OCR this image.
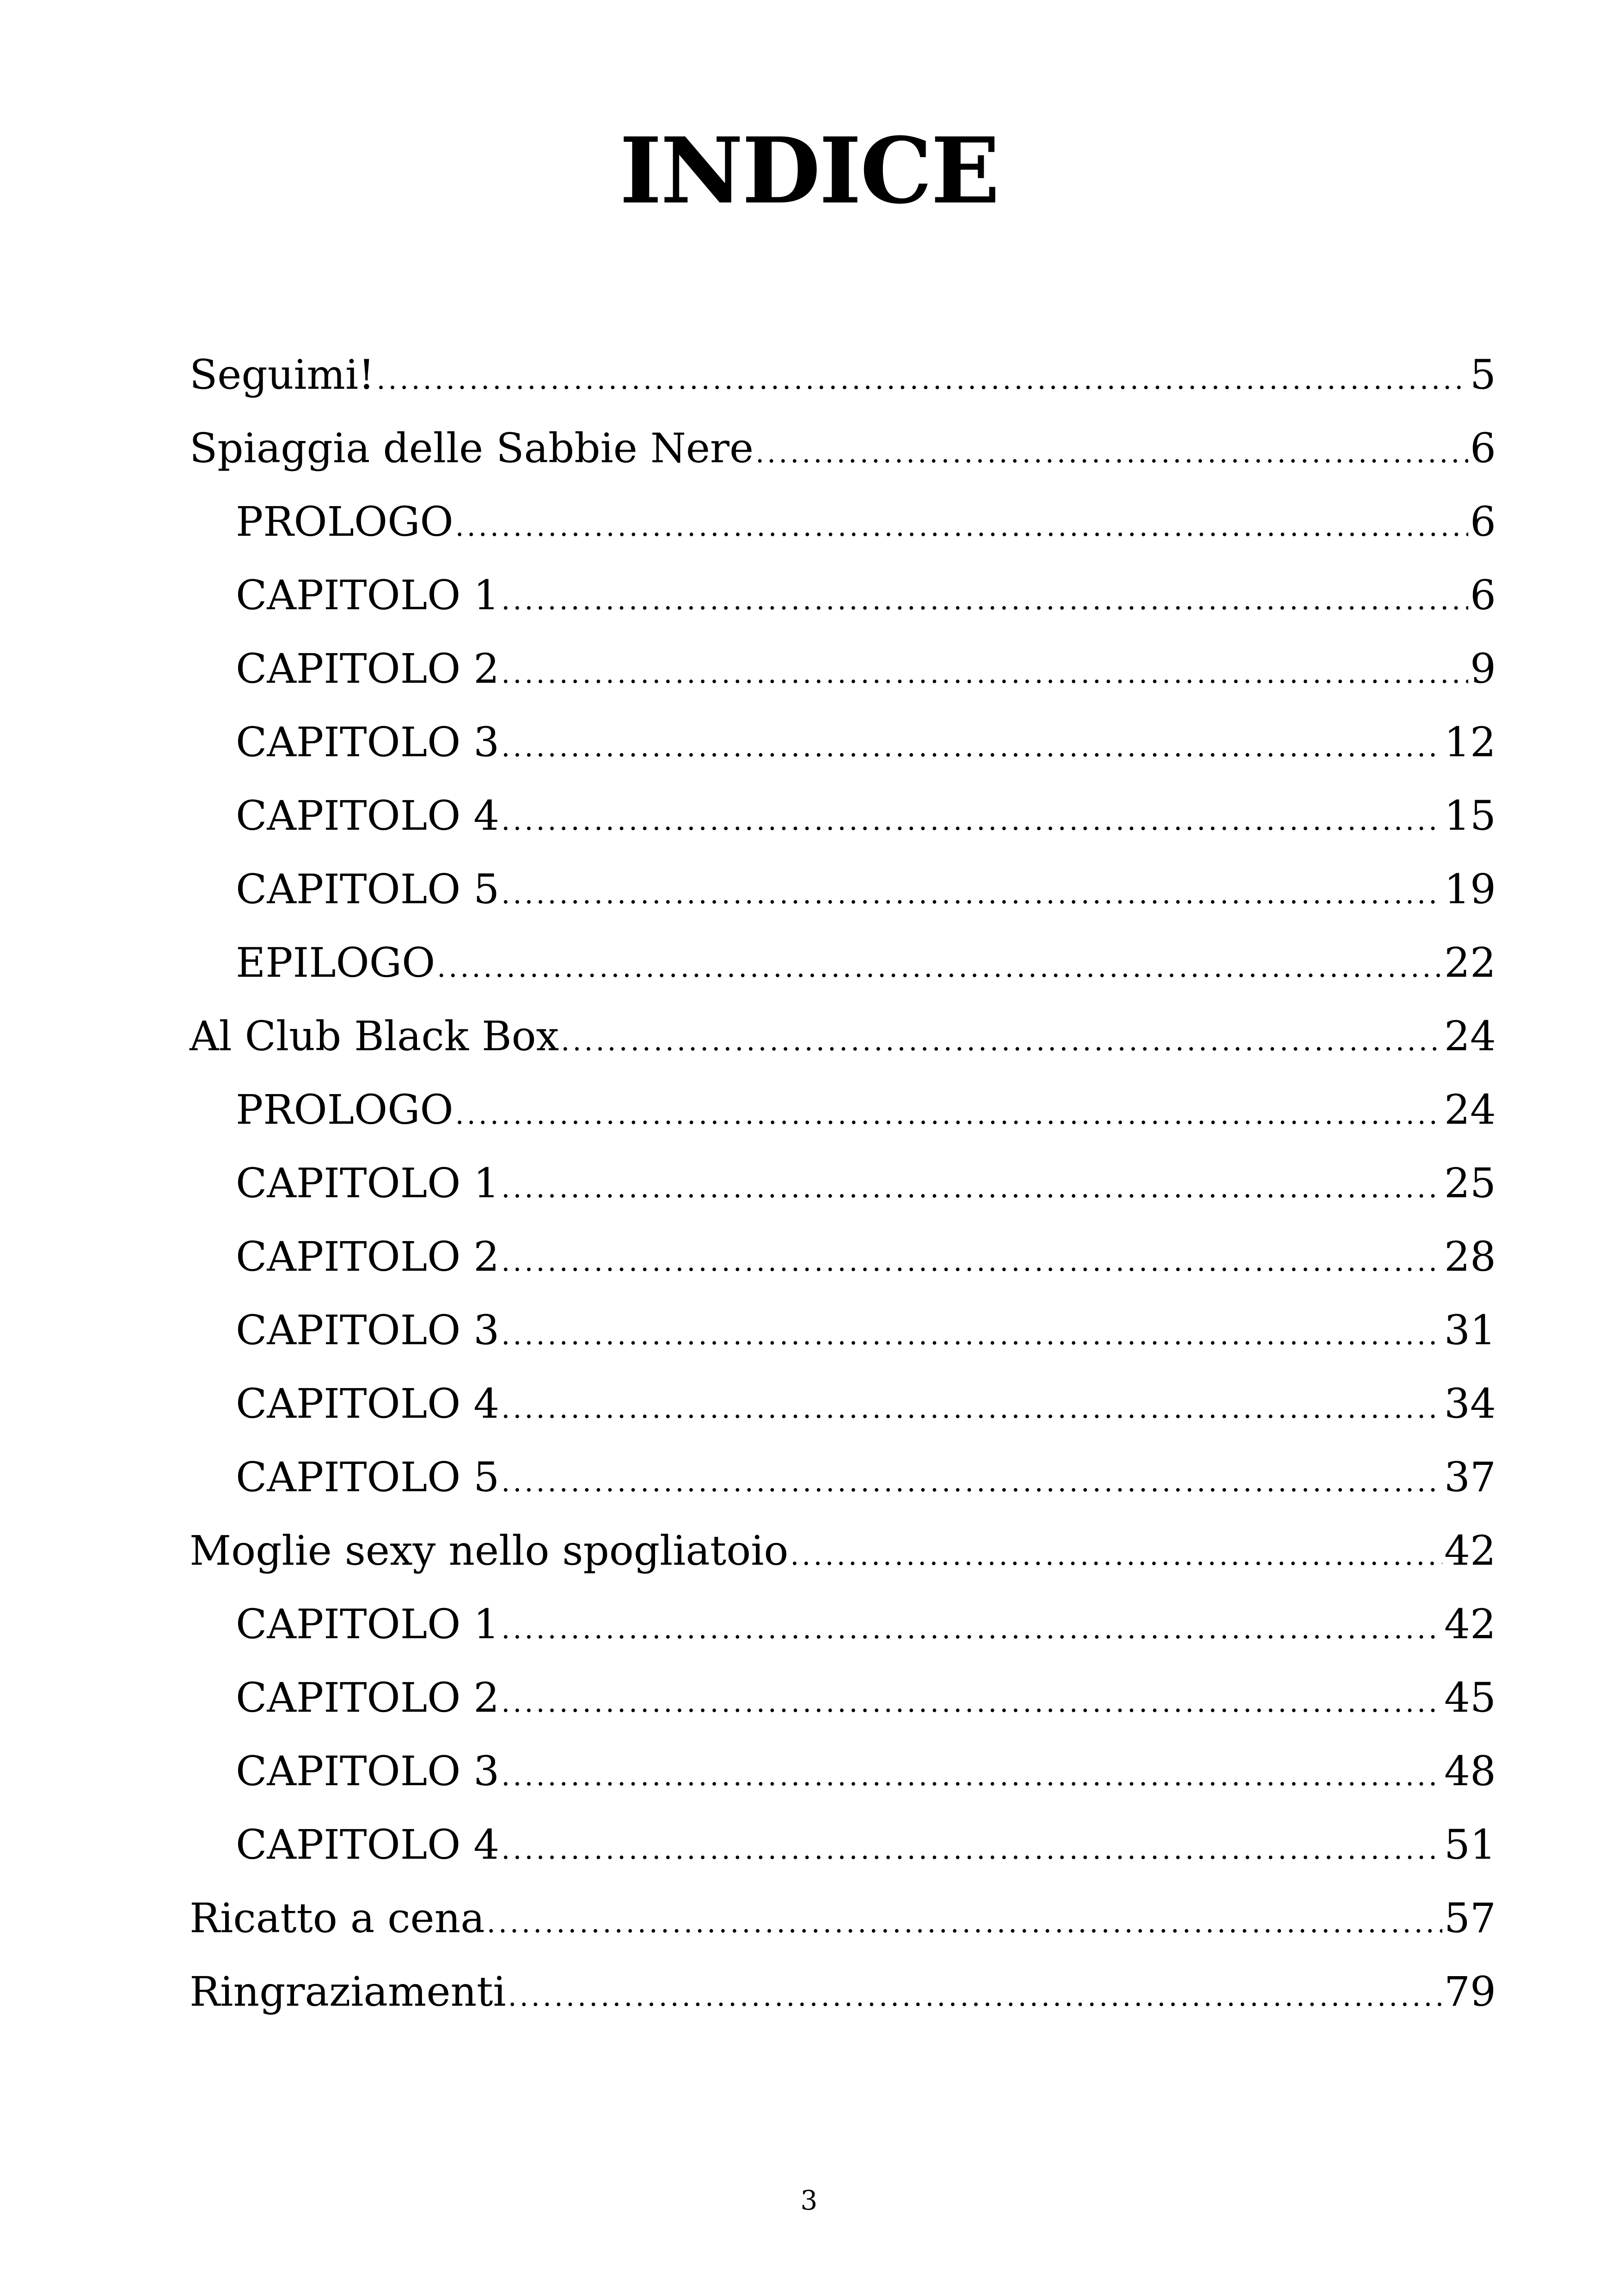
INDICE
Seguimi! .....	5
Spiaggia delle Sabbie Nere .....	6
PROLOGO .....	6
CAPITOLO 1 .....	6
CAPITOLO 2 .....	9
CAPITOLO 3 .....	12
CAPITOLO 4 .....	15
CAPITOLO 5 .....	19
EPILOGO .....	22
Al Club Black Box .....	24
PROLOGO .....	24
CAPITOLO 1 .....	25
CAPITOLO 2 .....	28
CAPITOLO 3 .....	31
CAPITOLO 4 .....	34
CAPITOLO 5 .....	37
Moglie sexy nello spogliatoio .....	42
CAPITOLO 1 .....	42
CAPITOLO 2 .....	45
CAPITOLO 3 .....	48
CAPITOLO 4 .....	51
Ricatto a cena .....	57
Ringraziamenti .....	79
3
